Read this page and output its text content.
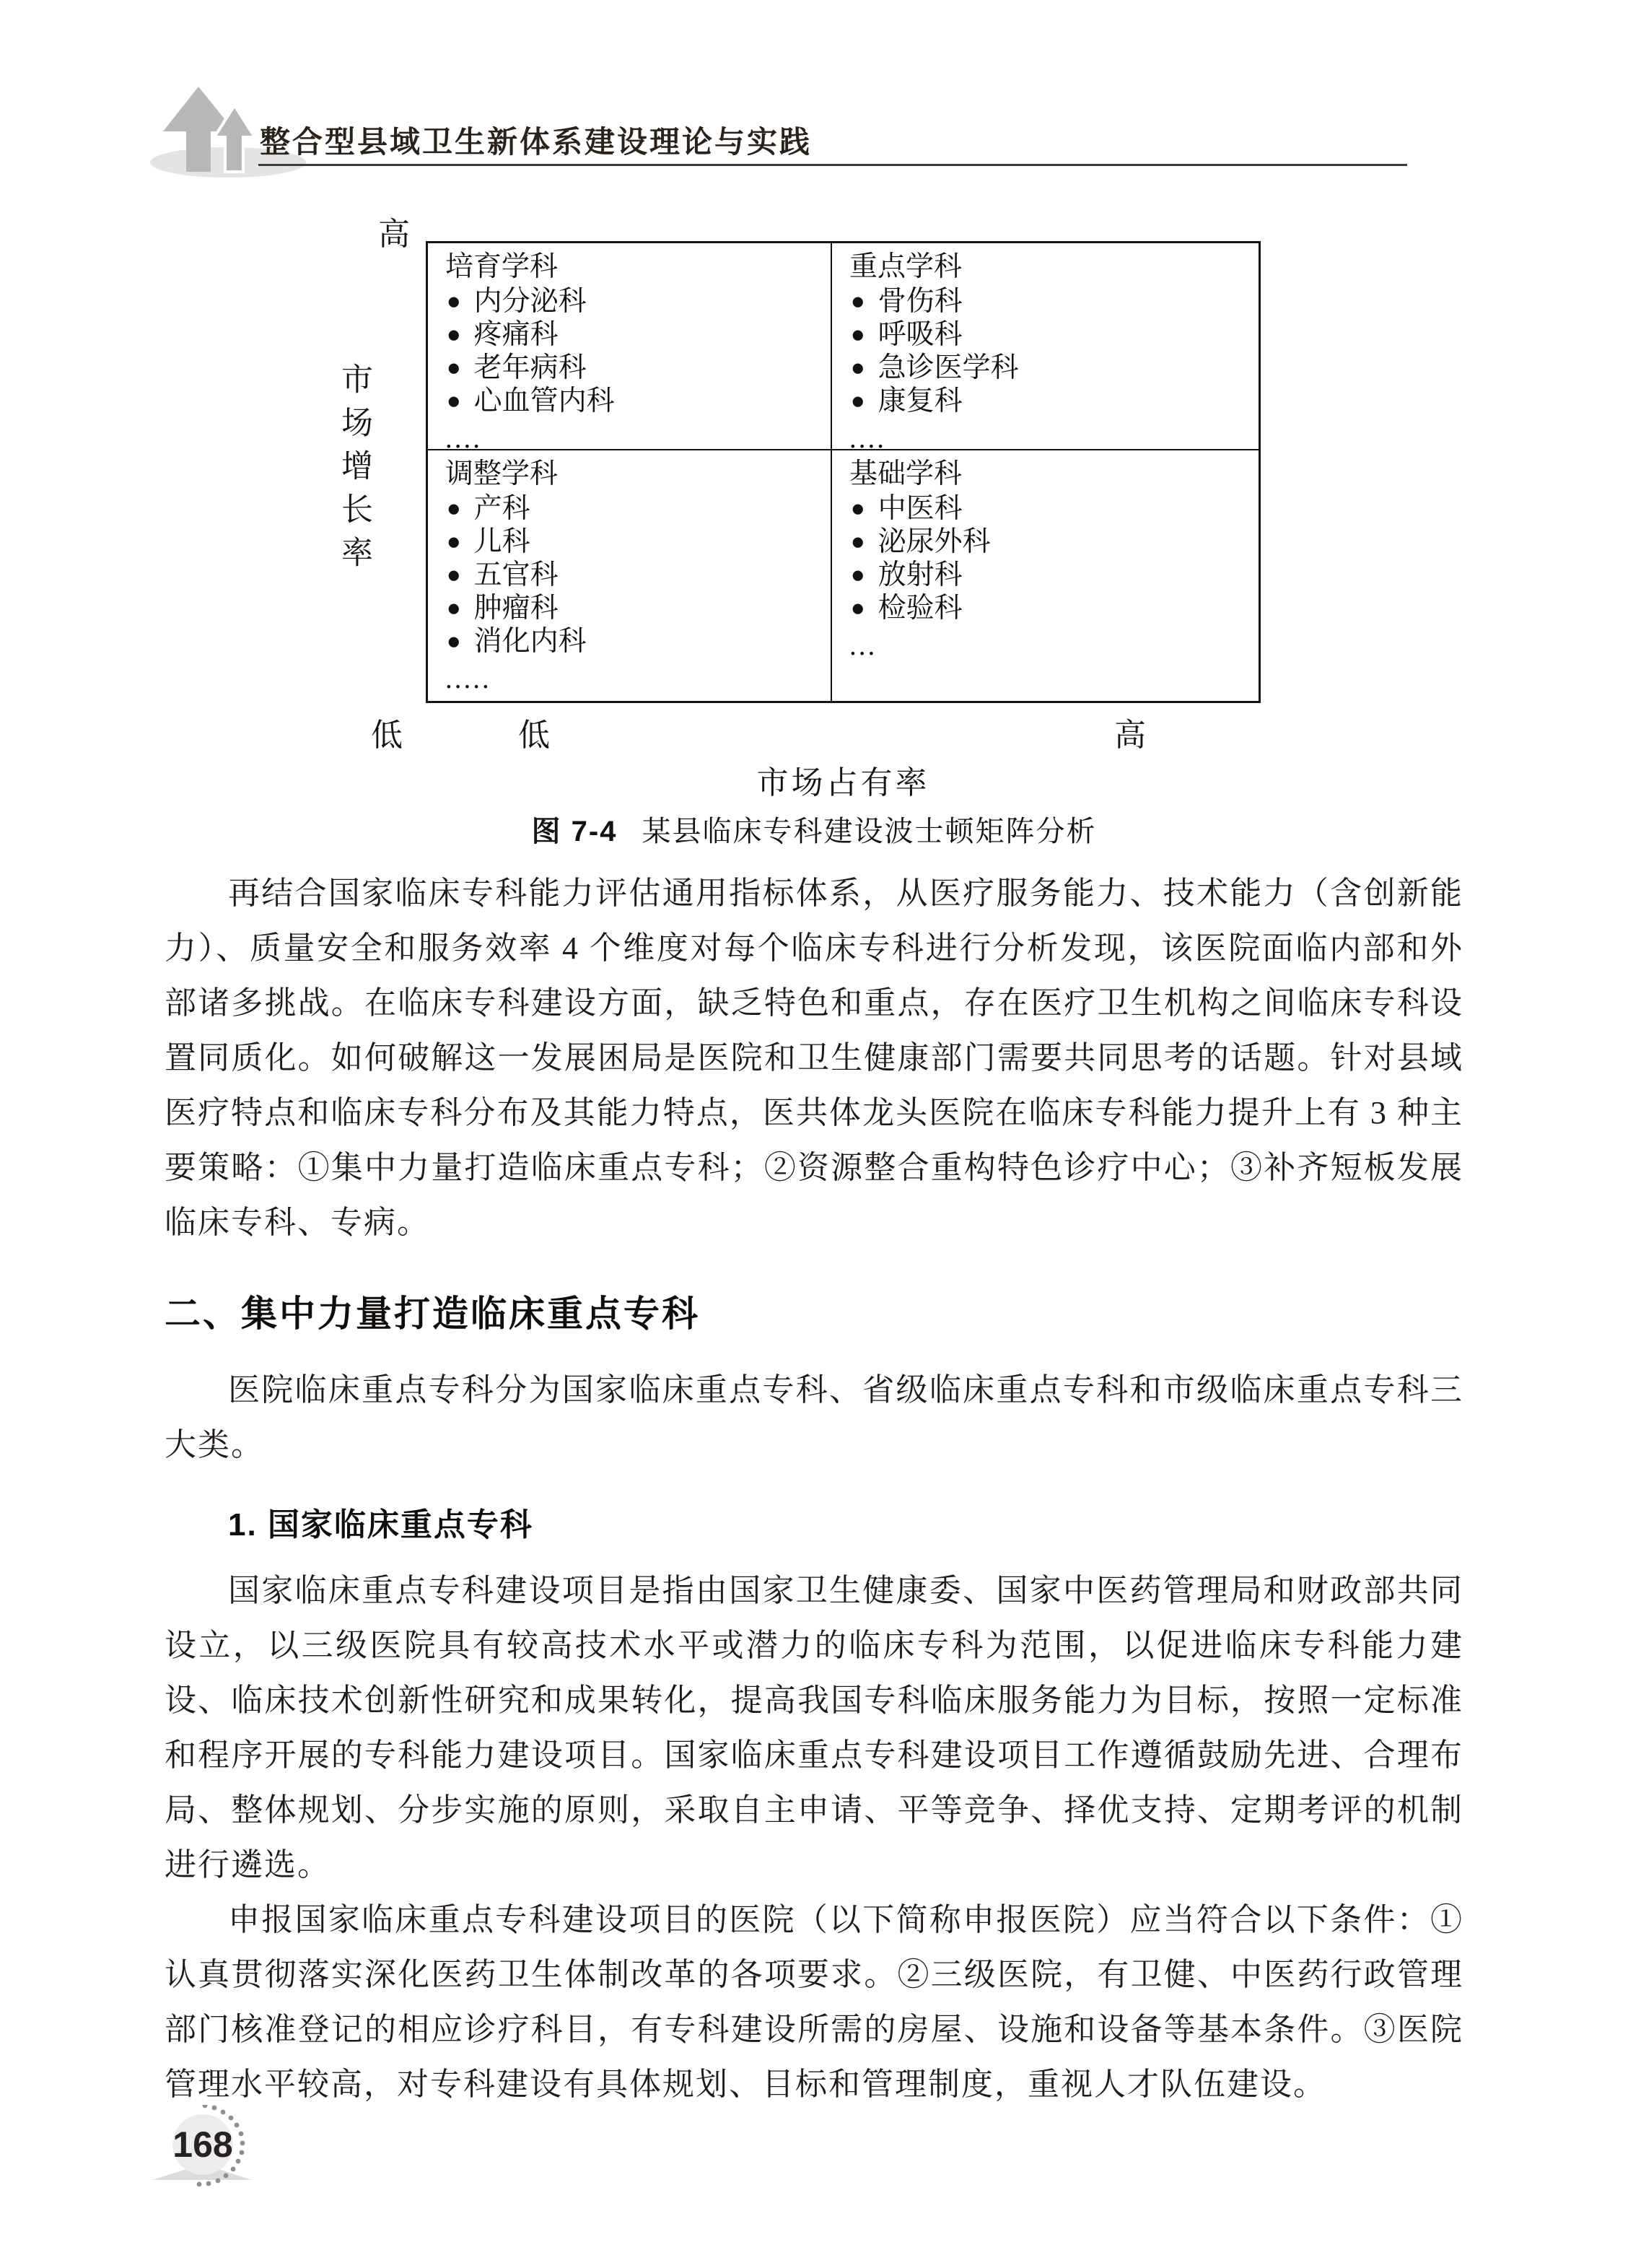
整合型县域卫生新体系建设理论与实践
高
市场增长率
低
培育学科
● 内分泌科
● 疼痛科
● 老年病科
● 心血管内科
....
重点学科
● 骨伤科
● 呼吸科
● 急诊医学科
● 康复科
....
调整学科
● 产科
● 儿科
● 五官科
● 肿瘤科
● 消化内科
.....
基础学科
● 中医科
● 泌尿外科
● 放射科
● 检验科
...
低	高
市场占有率
图 7-4 某县临床专科建设波士顿矩阵分析

再结合国家临床专科能力评估通用指标体系，从医疗服务能力、技术能力（含创新能力）、质量安全和服务效率 4 个维度对每个临床专科进行分析发现，该医院面临内部和外部诸多挑战。在临床专科建设方面，缺乏特色和重点，存在医疗卫生机构之间临床专科设置同质化。如何破解这一发展困局是医院和卫生健康部门需要共同思考的话题。针对县域医疗特点和临床专科分布及其能力特点，医共体龙头医院在临床专科能力提升上有 3 种主要策略：①集中力量打造临床重点专科；②资源整合重构特色诊疗中心；③补齐短板发展临床专科、专病。

二、集中力量打造临床重点专科

医院临床重点专科分为国家临床重点专科、省级临床重点专科和市级临床重点专科三大类。

1. 国家临床重点专科

国家临床重点专科建设项目是指由国家卫生健康委、国家中医药管理局和财政部共同设立，以三级医院具有较高技术水平或潜力的临床专科为范围，以促进临床专科能力建设、临床技术创新性研究和成果转化，提高我国专科临床服务能力为目标，按照一定标准和程序开展的专科能力建设项目。国家临床重点专科建设项目工作遵循鼓励先进、合理布局、整体规划、分步实施的原则，采取自主申请、平等竞争、择优支持、定期考评的机制进行遴选。

申报国家临床重点专科建设项目的医院（以下简称申报医院）应当符合以下条件：①认真贯彻落实深化医药卫生体制改革的各项要求。②三级医院，有卫健、中医药行政管理部门核准登记的相应诊疗科目，有专科建设所需的房屋、设施和设备等基本条件。③医院管理水平较高，对专科建设有具体规划、目标和管理制度，重视人才队伍建设。

168
